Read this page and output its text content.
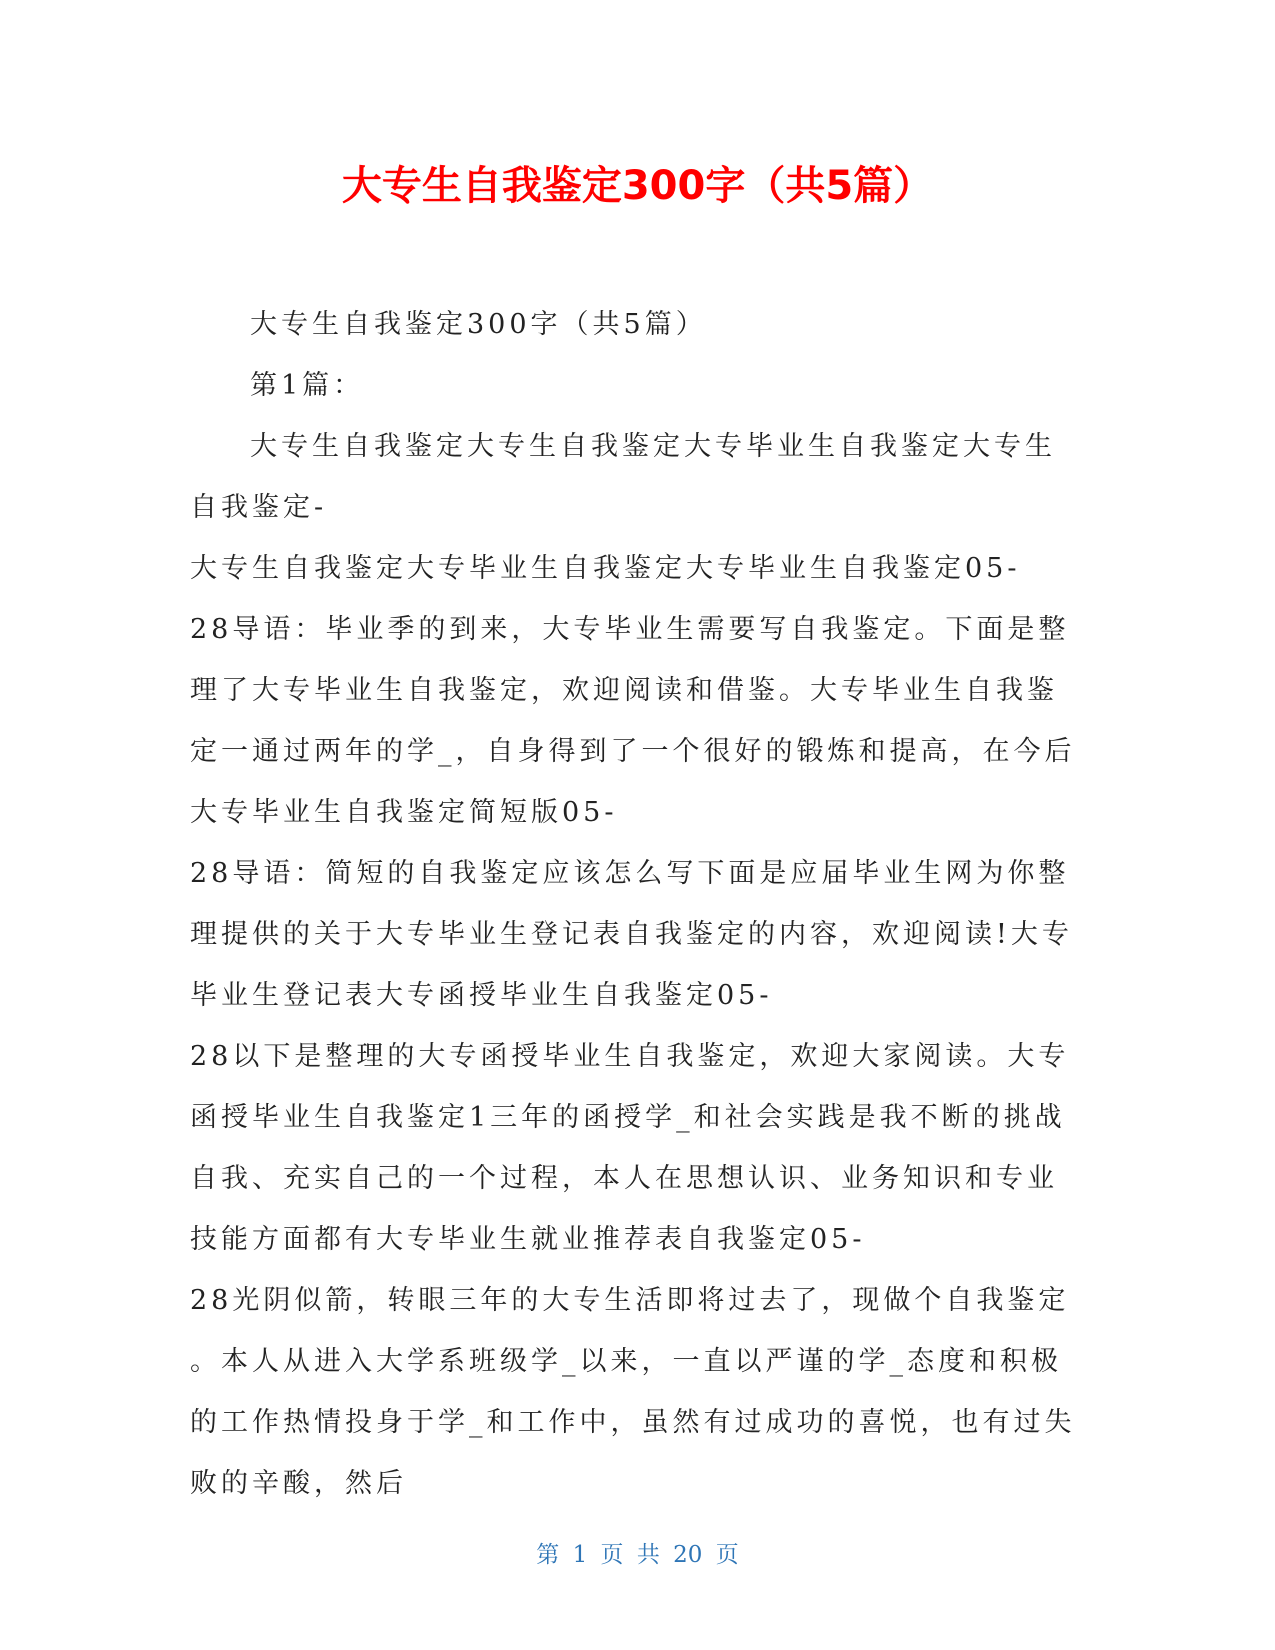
大专生自我鉴定300字（共5篇）

大专生自我鉴定300字（共5篇）

第1篇：

大专生自我鉴定大专生自我鉴定大专毕业生自我鉴定大专生

自我鉴定-

大专生自我鉴定大专毕业生自我鉴定大专毕业生自我鉴定05-

28导语：毕业季的到来，大专毕业生需要写自我鉴定。下面是整

理了大专毕业生自我鉴定，欢迎阅读和借鉴。大专毕业生自我鉴

定一通过两年的学_，自身得到了一个很好的锻炼和提高，在今后

大专毕业生自我鉴定简短版05-

28导语：简短的自我鉴定应该怎么写下面是应届毕业生网为你整

理提供的关于大专毕业生登记表自我鉴定的内容，欢迎阅读!大专

毕业生登记表大专函授毕业生自我鉴定05-

28以下是整理的大专函授毕业生自我鉴定，欢迎大家阅读。大专

函授毕业生自我鉴定1三年的函授学_和社会实践是我不断的挑战

自我、充实自己的一个过程，本人在思想认识、业务知识和专业

技能方面都有大专毕业生就业推荐表自我鉴定05-

28光阴似箭，转眼三年的大专生活即将过去了，现做个自我鉴定

。本人从进入大学系班级学_以来，一直以严谨的学_态度和积极

的工作热情投身于学_和工作中，虽然有过成功的喜悦，也有过失

败的辛酸，然后

第 1 页 共 20 页
